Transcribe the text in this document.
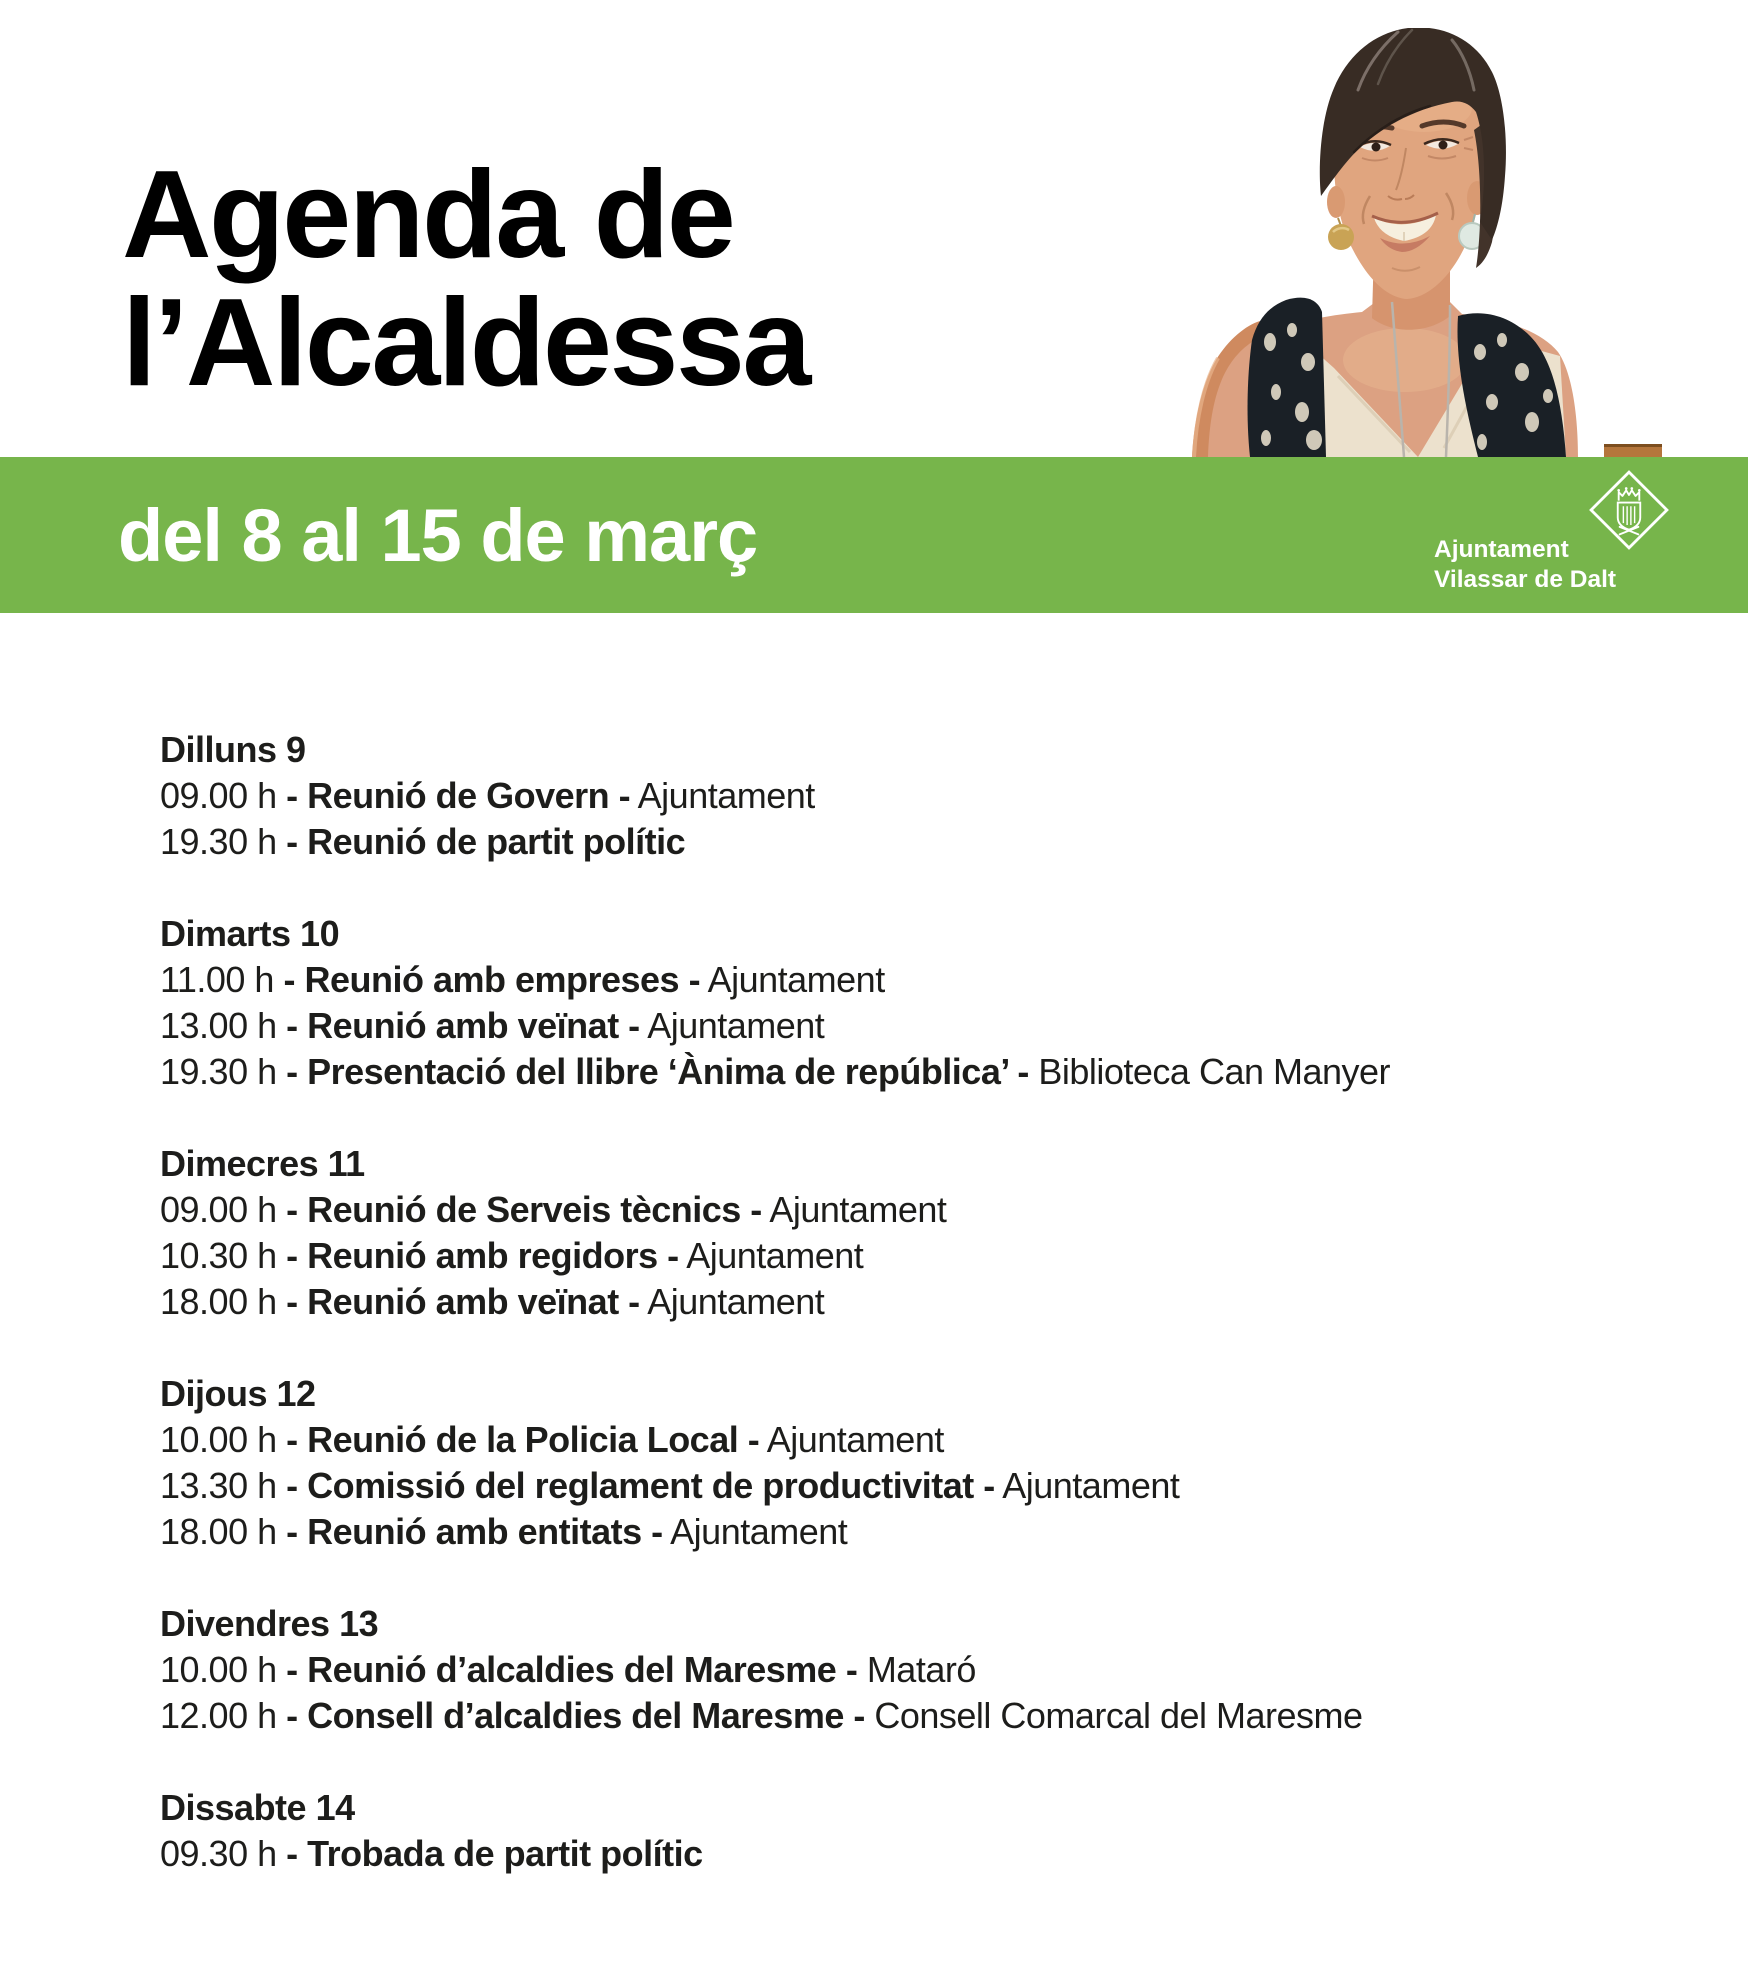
Agenda de
l’Alcaldessa
del 8 al 15 de març	Ajuntament
Vilassar de Dalt
Dilluns 9
09.00 h - Reunió de Govern - Ajuntament
19.30 h - Reunió de partit polític
Dimarts 10
11.00 h - Reunió amb empreses - Ajuntament
13.00 h - Reunió amb veïnat - Ajuntament
19.30 h - Presentació del llibre ‘Ànima de república’ - Biblioteca Can Manyer
Dimecres 11
09.00 h - Reunió de Serveis tècnics - Ajuntament
10.30 h - Reunió amb regidors - Ajuntament
18.00 h - Reunió amb veïnat - Ajuntament
Dijous 12
10.00 h - Reunió de la Policia Local - Ajuntament
13.30 h - Comissió del reglament de productivitat - Ajuntament
18.00 h - Reunió amb entitats - Ajuntament
Divendres 13
10.00 h - Reunió d’alcaldies del Maresme - Mataró
12.00 h - Consell d’alcaldies del Maresme - Consell Comarcal del Maresme
Dissabte 14
09.30 h - Trobada de partit polític
